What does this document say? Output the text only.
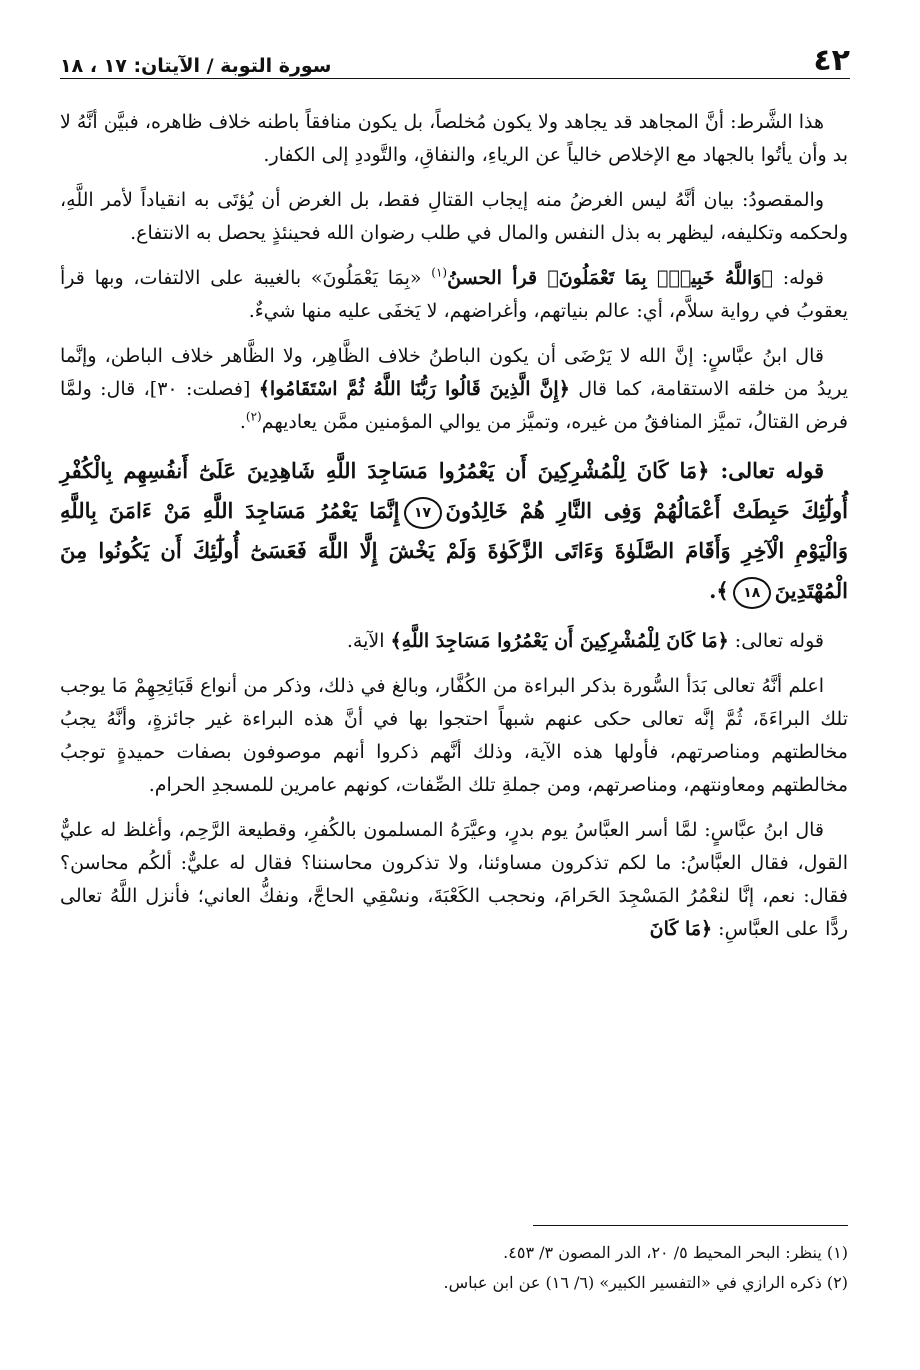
٤٢
سورة التوبة / الآيتان: ١٧ ، ١٨

هذا الشَّرط: أنَّ المجاهد قد يجاهد ولا يكون مُخلصاً، بل يكون منافقاً باطنه خلاف ظاهره، فبيَّن أنَّهُ لا بد وأن يأتُوا بالجهاد مع الإخلاص خالياً عن الرياءِ، والنفاقِ، والتَّوددِ إلى الكفار.

والمقصودُ: بيان أنَّهُ ليس الغرضُ منه إيجاب القتالِ فقط، بل الغرض أن يُؤتَى به انقياداً لأمر اللَّهِ، ولحكمه وتكليفه، ليظهر به بذل النفس والمال في طلب رضوان الله فحينئذٍ يحصل به الانتفاع.

قوله: ﴿وَاللَّهُ خَبِيرٌۢ بِمَا تَعْمَلُونَ﴾ قرأ الحسنُ$^{(١)}$ «بِمَا يَعْمَلُونَ» بالغيبة على الالتفات، وبها قرأ يعقوبُ في رواية سلاَّم، أي: عالم بنياتهم، وأغراضهم، لا يَخفَى عليه منها شيءٌ.

قال ابنُ عبَّاسٍ: إنَّ الله لا يَرْضَى أن يكون الباطنُ خلاف الظَّاهِر، ولا الظَّاهر خلاف الباطن، وإنَّما يريدُ من خلقه الاستقامة، كما قال ﴿إِنَّ الَّذِينَ قَالُوا رَبُّنَا اللَّهُ ثُمَّ اسْتَقَامُوا﴾ [فصلت: ٣٠]، قال: ولمَّا فرض القتالُ، تميَّز المنافقُ من غيره، وتميَّز من يوالي المؤمنين ممَّن يعاديهم$^{(٢)}$.

قوله تعالى: ﴿مَا كَانَ لِلْمُشْرِكِينَ أَن يَعْمُرُوا مَسَاجِدَ اللَّهِ شَاهِدِينَ عَلَىٰٓ أَنفُسِهِم بِالْكُفْرِ أُولَٰٓئِكَ حَبِطَتْ أَعْمَالُهُمْ وَفِى النَّارِ هُمْ خَالِدُونَ١٧إِنَّمَا يَعْمُرُ مَسَاجِدَ اللَّهِ مَنْ ءَامَنَ بِاللَّهِ وَالْيَوْمِ الْآخِرِ وَأَقَامَ الصَّلَوٰةَ وَءَاتَى الزَّكَوٰةَ وَلَمْ يَخْشَ إِلَّا اللَّهَ فَعَسَىٰٓ أُولَٰٓئِكَ أَن يَكُونُوا مِنَ الْمُهْتَدِينَ١٨﴾.

قوله تعالى: ﴿مَا كَانَ لِلْمُشْرِكِينَ أَن يَعْمُرُوا مَسَاجِدَ اللَّهِ﴾ الآية.

اعلم أنَّهُ تعالى بَدَأ السُّورة بذكر البراءة من الكُفَّار، وبالغ في ذلك، وذكر من أنواع قَبَائِحِهِمْ مَا يوجب تلك البراءَةَ، ثُمَّ إنَّه تعالى حكى عنهم شبهاً احتجوا بها في أنَّ هذه البراءة غير جائزةٍ، وأنَّهُ يجبُ مخالطتهم ومناصرتهم، فأولها هذه الآية، وذلك أنَّهم ذكروا أنهم موصوفون بصفات حميدةٍ توجبُ مخالطتهم ومعاونتهم، ومناصرتهم، ومن جملةِ تلك الصِّفات، كونهم عامرين للمسجدِ الحرام.

قال ابنُ عبَّاسٍ: لمَّا أسر العبَّاسُ يوم بدرٍ، وعيَّرَهُ المسلمون بالكُفرِ، وقطيعة الرَّحِم، وأغلظ له عليٌّ القول، فقال العبَّاسُ: ما لكم تذكرون مساوئنا، ولا تذكرون محاسننا؟ فقال له عليٌّ: ألكُم محاسن؟ فقال: نعم، إنَّا لنعْمُرُ المَسْجِدَ الحَرامَ، ونحجب الكَعْبَةَ، ونسْقِي الحاجَّ، ونفكُّ العاني؛ فأنزل اللَّهُ تعالى ردًّا على العبَّاسِ: ﴿مَا كَانَ

(١) ينظر: البحر المحيط ٥/ ٢٠، الدر المصون ٣/ ٤٥٣.

(٢) ذكره الرازي في «التفسير الكبير» (٦/ ١٦) عن ابن عباس.
